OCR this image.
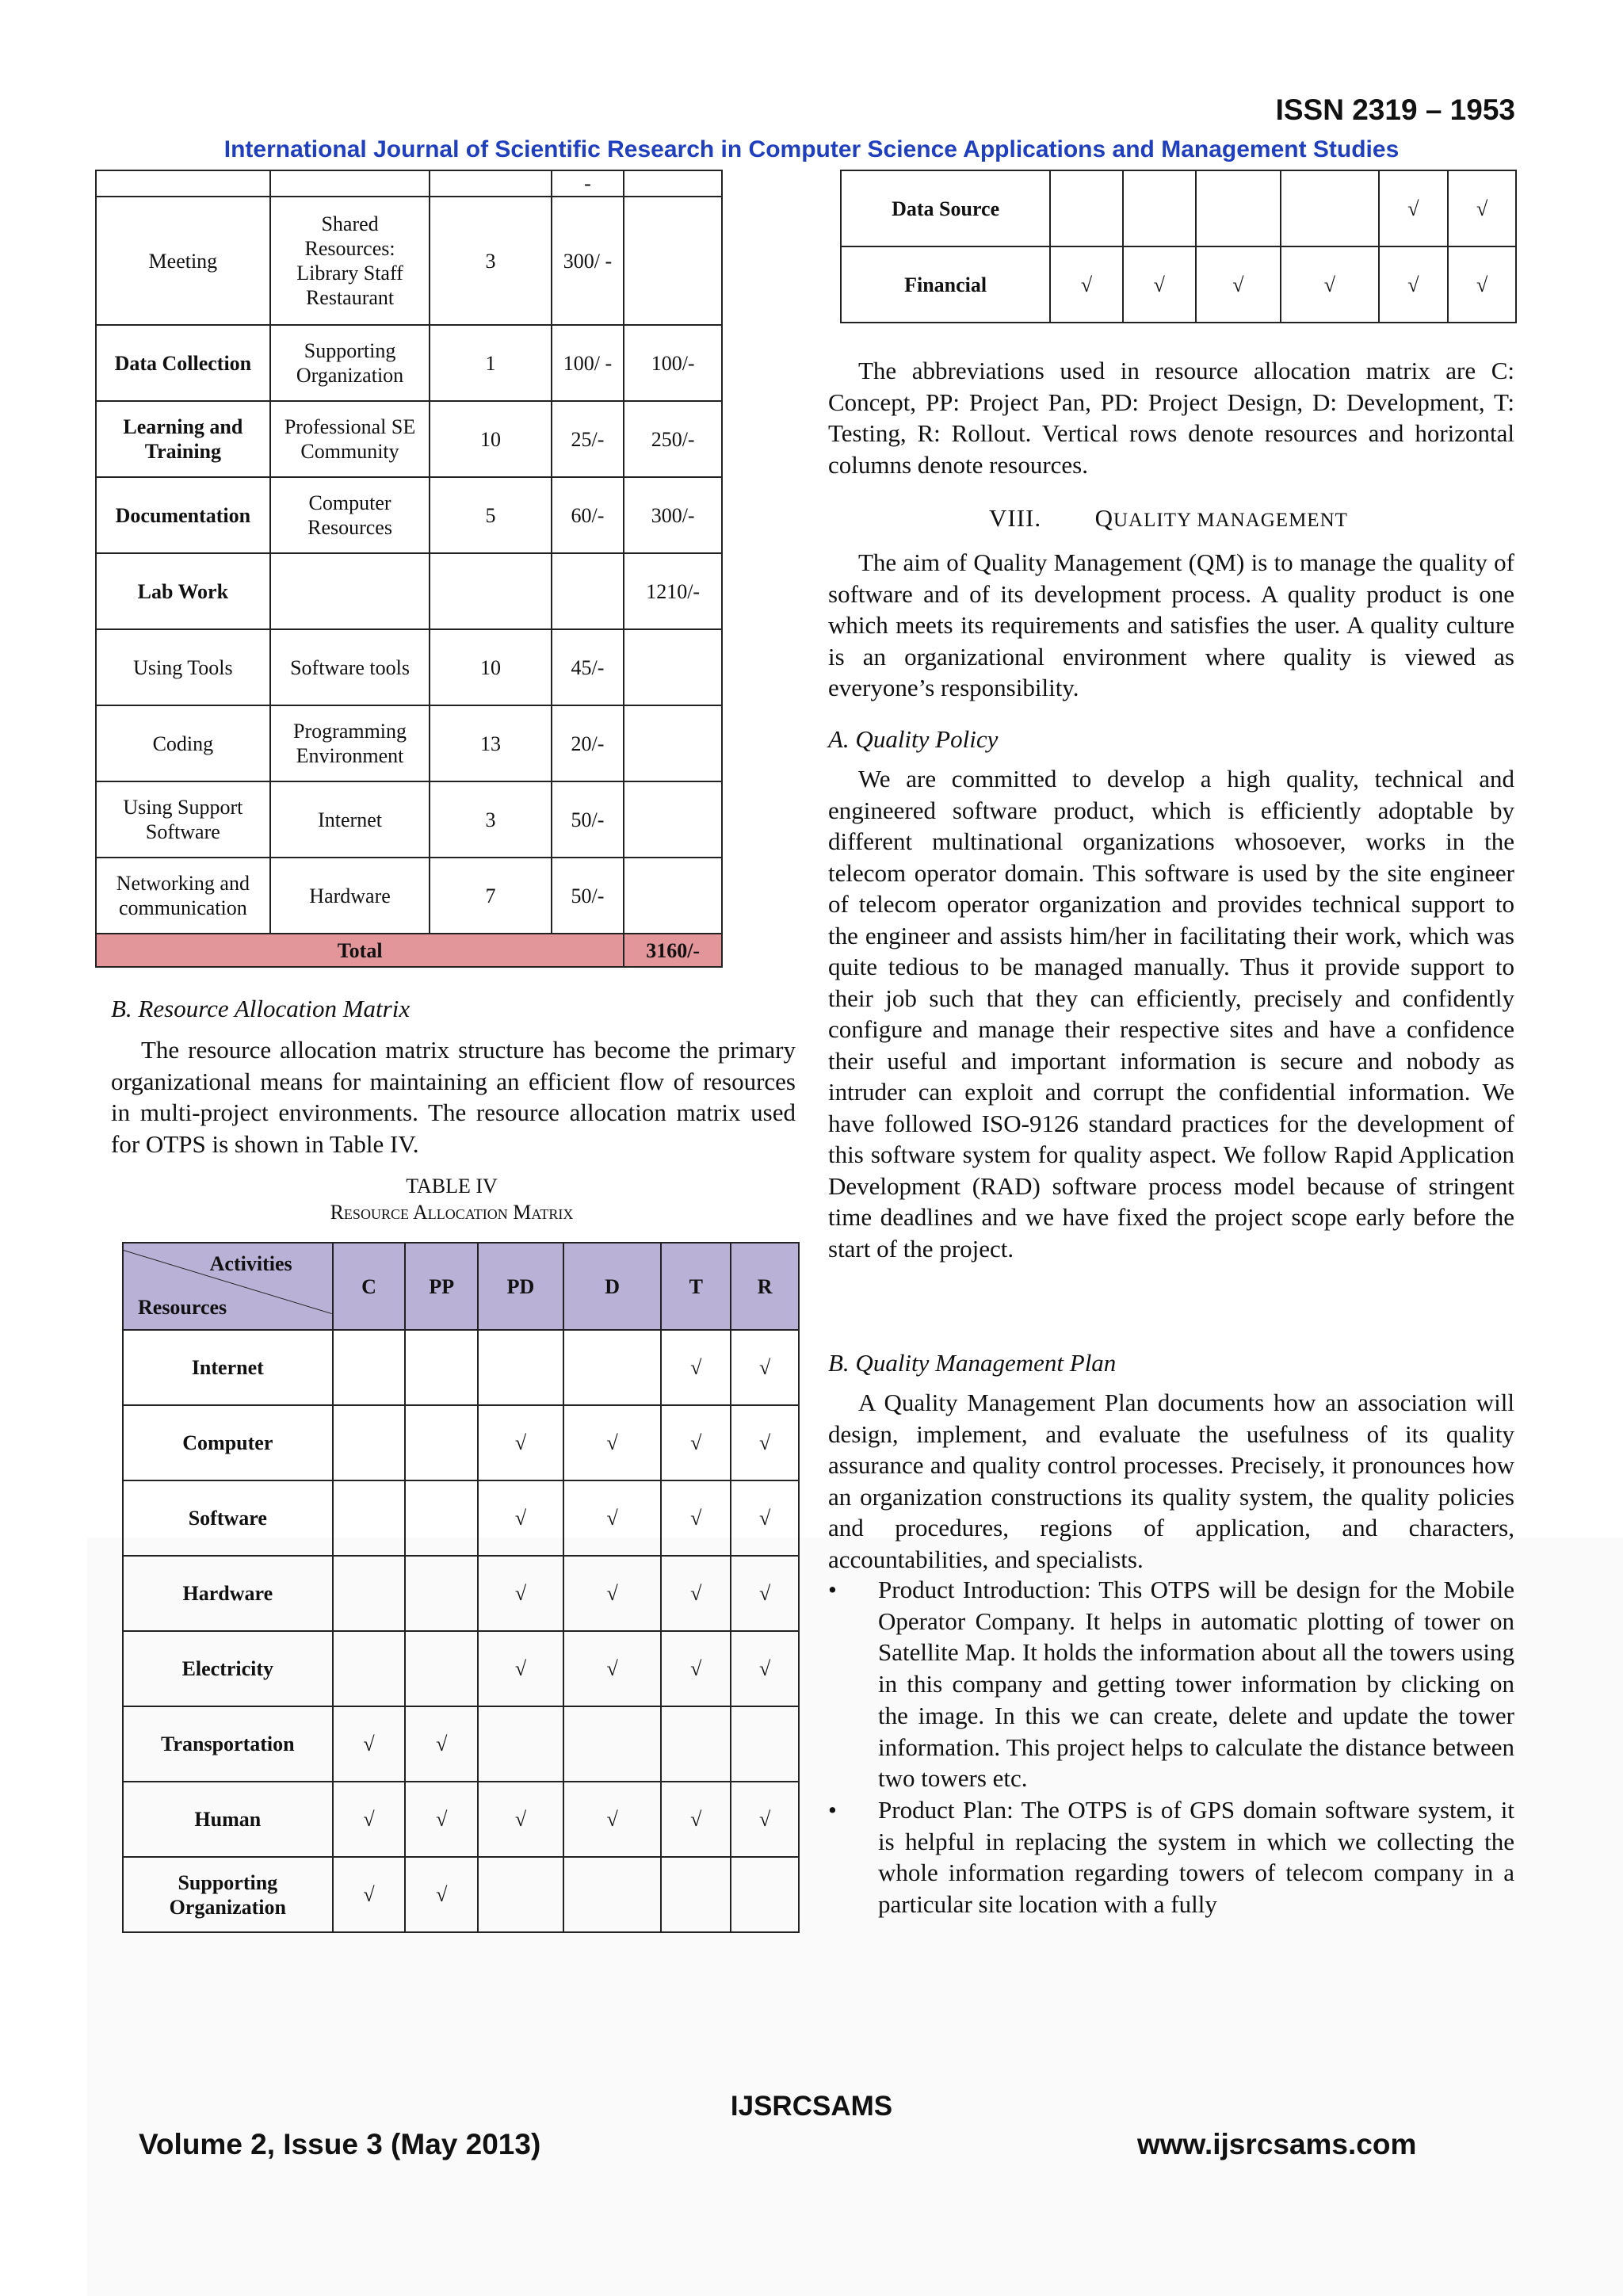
ISSN 2319 – 1953
International Journal of Scientific Research in Computer Science Applications and Management Studies
			-	
Meeting	Shared Resources: Library Staff Restaurant	3	300/ -	
Data Collection	Supporting Organization	1	100/ -	100/-
Learning and Training	Professional SE Community	10	25/-	250/-
Documentation	Computer Resources	5	60/-	300/-
Lab Work				1210/-
Using Tools	Software tools	10	45/-	
Coding	Programming Environment	13	20/-	
Using Support Software	Internet	3	50/-	
Networking and communication	Hardware	7	50/-	
Total				3160/-
B. Resource Allocation Matrix

The resource allocation matrix structure has become the primary organizational means for maintaining an efficient flow of resources in multi-project environments. The resource allocation matrix used for OTPS is shown in Table IV.

TABLE IV
Resource Allocation Matrix
Activities
Resources	C	PP	PD	D	T	R
Internet					√	√
Computer			√	√	√	√
Software			√	√	√	√
Hardware			√	√	√	√
Electricity			√	√	√	√
Transportation	√	√				
Human	√	√	√	√	√	√
Supporting Organization	√	√				
Data Source					√	√
Financial	√	√	√	√	√	√

The abbreviations used in resource allocation matrix are C: Concept, PP: Project Pan, PD: Project Design, D: Development, T: Testing, R: Rollout. Vertical rows denote resources and horizontal columns denote resources.

VIII. QUALITY MANAGEMENT

The aim of Quality Management (QM) is to manage the quality of software and of its development process. A quality product is one which meets its requirements and satisfies the user. A quality culture is an organizational environment where quality is viewed as everyone’s responsibility.

A. Quality Policy

We are committed to develop a high quality, technical and engineered software product, which is efficiently adoptable by different multinational organizations whosoever, works in the telecom operator domain. This software is used by the site engineer of telecom operator organization and provides technical support to the engineer and assists him/her in facilitating their work, which was quite tedious to be managed manually. Thus it provide support to their job such that they can efficiently, precisely and confidently configure and manage their respective sites and have a confidence their useful and important information is secure and nobody as intruder can exploit and corrupt the confidential information. We have followed ISO-9126 standard practices for the development of this software system for quality aspect. We follow Rapid Application Development (RAD) software process model because of stringent time deadlines and we have fixed the project scope early before the start of the project.

B. Quality Management Plan

A Quality Management Plan documents how an association will design, implement, and evaluate the usefulness of its quality assurance and quality control processes. Precisely, it pronounces how an organization constructions its quality system, the quality policies and procedures, regions of application, and characters, accountabilities, and specialists.

• Product Introduction: This OTPS will be design for the Mobile Operator Company. It helps in automatic plotting of tower on Satellite Map. It holds the information about all the towers using in this company and getting tower information by clicking on the image. In this we can create, delete and update the tower information. This project helps to calculate the distance between two towers etc.
• Product Plan: The OTPS is of GPS domain software system, it is helpful in replacing the system in which we collecting the whole information regarding towers of telecom company in a particular site location with a fully
IJSRCSAMS
Volume 2, Issue 3 (May 2013)	www.ijsrcsams.com
